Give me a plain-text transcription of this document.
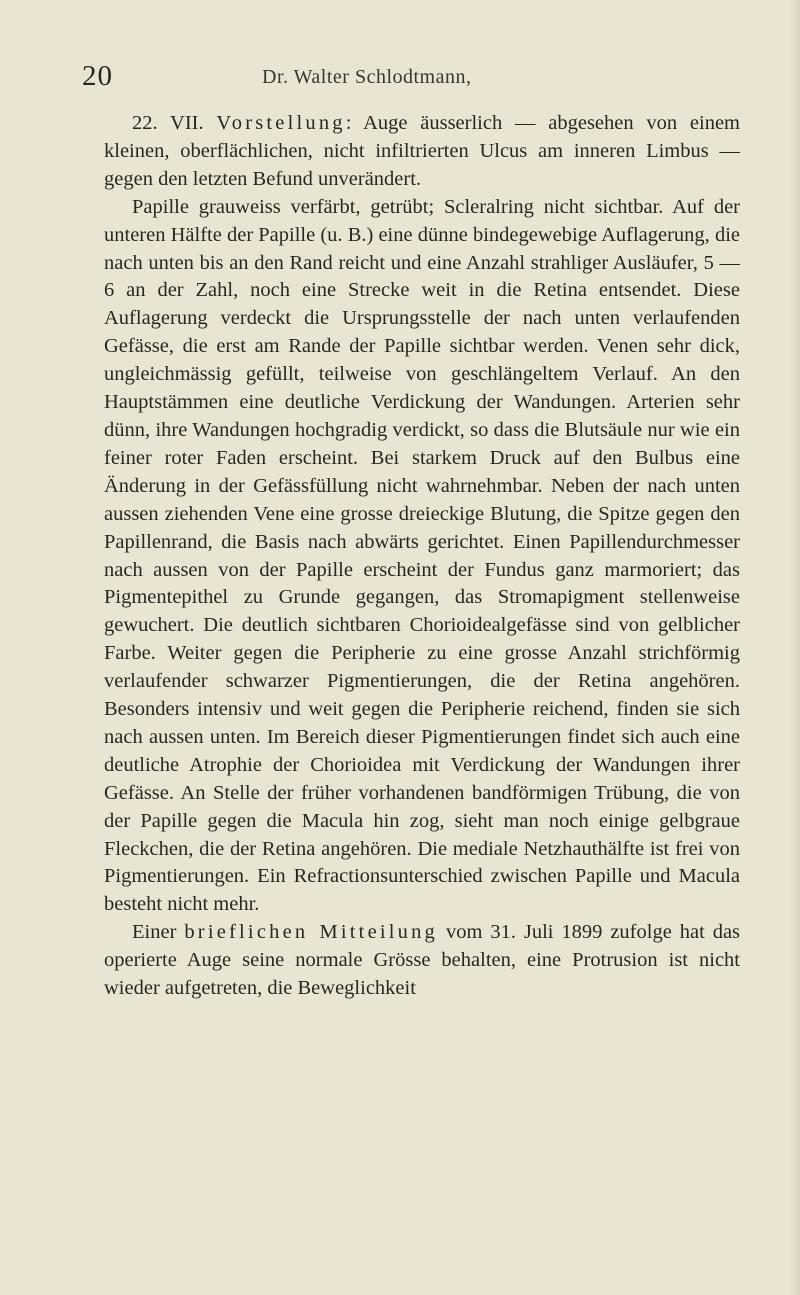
20	Dr. Walter Schlodtmann,

22. VII. Vorstellung: Auge äusserlich — abgesehen von einem kleinen, oberflächlichen, nicht infiltrierten Ulcus am inneren Limbus — gegen den letzten Befund unverändert.

Papille grauweiss verfärbt, getrübt; Scleralring nicht sichtbar. Auf der unteren Hälfte der Papille (u. B.) eine dünne bindegewebige Auflagerung, die nach unten bis an den Rand reicht und eine Anzahl strahliger Ausläufer, 5 — 6 an der Zahl, noch eine Strecke weit in die Retina entsendet. Diese Auflagerung verdeckt die Ursprungsstelle der nach unten verlaufenden Gefässe, die erst am Rande der Papille sichtbar werden. Venen sehr dick, ungleichmässig gefüllt, teilweise von geschlängeltem Verlauf. An den Hauptstämmen eine deutliche Verdickung der Wandungen. Arterien sehr dünn, ihre Wandungen hochgradig verdickt, so dass die Blutsäule nur wie ein feiner roter Faden erscheint. Bei starkem Druck auf den Bulbus eine Änderung in der Gefässfüllung nicht wahrnehmbar. Neben der nach unten aussen ziehenden Vene eine grosse dreieckige Blutung, die Spitze gegen den Papillenrand, die Basis nach abwärts gerichtet. Einen Papillendurchmesser nach aussen von der Papille erscheint der Fundus ganz marmoriert; das Pigmentepithel zu Grunde gegangen, das Stromapigment stellenweise gewuchert. Die deutlich sichtbaren Chorioidealgefässe sind von gelblicher Farbe. Weiter gegen die Peripherie zu eine grosse Anzahl strichförmig verlaufender schwarzer Pigmentierungen, die der Retina angehören. Besonders intensiv und weit gegen die Peripherie reichend, finden sie sich nach aussen unten. Im Bereich dieser Pigmentierungen findet sich auch eine deutliche Atrophie der Chorioidea mit Verdickung der Wandungen ihrer Gefässe. An Stelle der früher vorhandenen bandförmigen Trübung, die von der Papille gegen die Macula hin zog, sieht man noch einige gelbgraue Fleckchen, die der Retina angehören. Die mediale Netzhauthälfte ist frei von Pigmentierungen. Ein Refractionsunterschied zwischen Papille und Macula besteht nicht mehr.

Einer brieflichen Mitteilung vom 31. Juli 1899 zufolge hat das operierte Auge seine normale Grösse behalten, eine Protrusion ist nicht wieder aufgetreten, die Beweglichkeit
